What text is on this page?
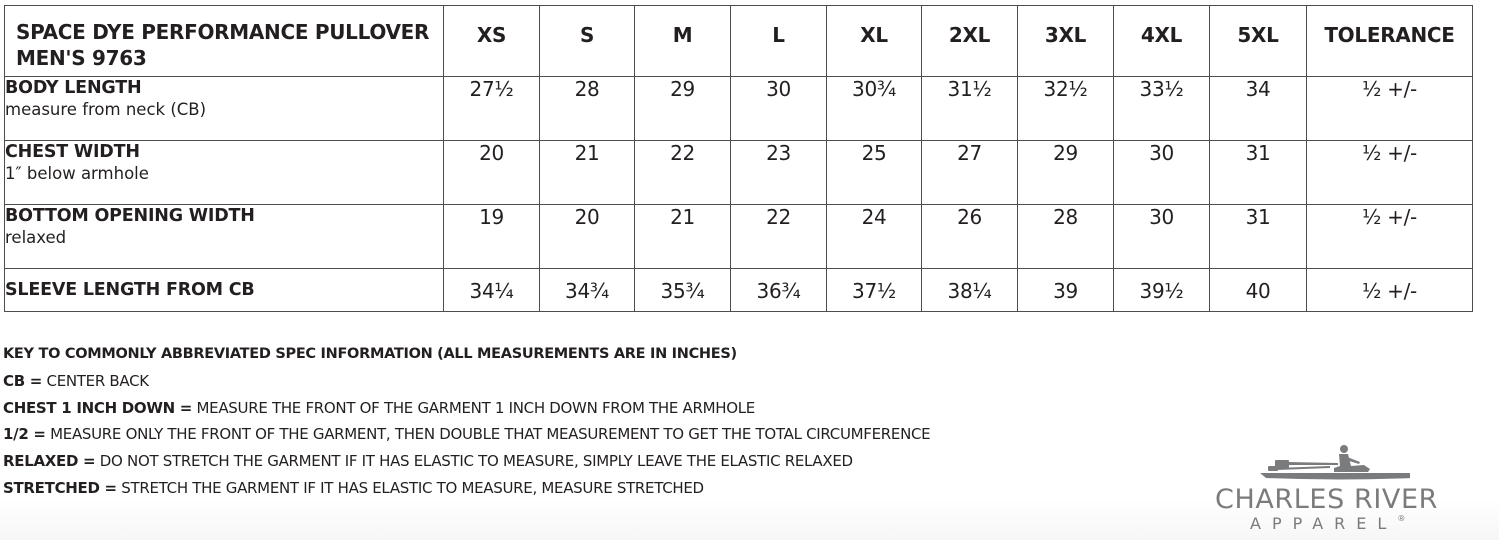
SPACE DYE PERFORMANCE PULLOVER
MEN'S 9763	XS	S	M	L	XL	2XL	3XL	4XL	5XL	TOLERANCE

BODY LENGTH
measure from neck (CB)	27½	28	29	30	30¾	31½	32½	33½	34	½ +/-

CHEST WIDTH
1″ below armhole	20	21	22	23	25	27	29	30	31	½ +/-

BOTTOM OPENING WIDTH
relaxed	19	20	21	22	24	26	28	30	31	½ +/-

SLEEVE LENGTH FROM CB	34¼	34¾	35¾	36¾	37½	38¼	39	39½	40	½ +/-
KEY TO COMMONLY ABBREVIATED SPEC INFORMATION (ALL MEASUREMENTS ARE IN INCHES)
CB = CENTER BACK
CHEST 1 INCH DOWN = MEASURE THE FRONT OF THE GARMENT 1 INCH DOWN FROM THE ARMHOLE
1/2 = MEASURE ONLY THE FRONT OF THE GARMENT, THEN DOUBLE THAT MEASUREMENT TO GET THE TOTAL CIRCUMFERENCE
RELAXED = DO NOT STRETCH THE GARMENT IF IT HAS ELASTIC TO MEASURE, SIMPLY LEAVE THE ELASTIC RELAXED
STRETCHED = STRETCH THE GARMENT IF IT HAS ELASTIC TO MEASURE, MEASURE STRETCHED	CHARLES RIVER
APPAREL®
